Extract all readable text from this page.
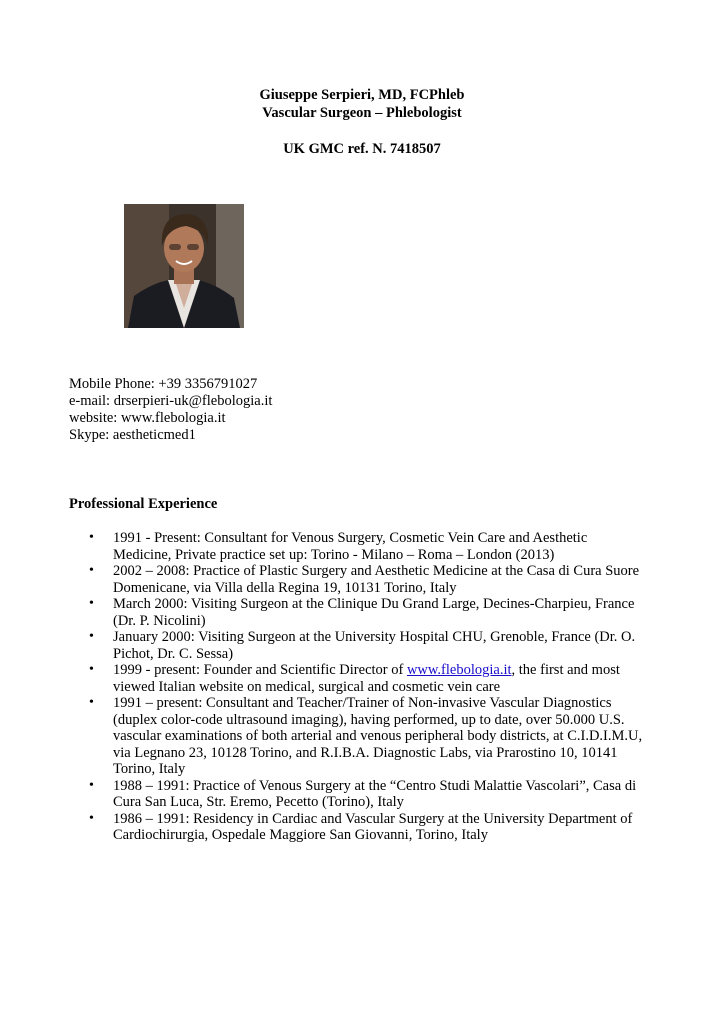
Giuseppe Serpieri, MD, FCPhleb
Vascular Surgeon – Phlebologist
UK GMC ref. N. 7418507
Mobile Phone: +39 3356791027
e-mail: drserpieri-uk@flebologia.it
website: www.flebologia.it
Skype: aestheticmed1
Professional Experience
• 1991 - Present: Consultant for Venous Surgery, Cosmetic Vein Care and Aesthetic
Medicine, Private practice set up: Torino - Milano – Roma – London (2013)
• 2002 – 2008: Practice of Plastic Surgery and Aesthetic Medicine at the Casa di Cura Suore
Domenicane, via Villa della Regina 19, 10131 Torino, Italy
• March 2000: Visiting Surgeon at the Clinique Du Grand Large, Decines-Charpieu, France
(Dr. P. Nicolini)
• January 2000: Visiting Surgeon at the University Hospital CHU, Grenoble, France (Dr. O.
Pichot, Dr. C. Sessa)
• 1999 - present: Founder and Scientific Director of www.flebologia.it, the first and most
viewed Italian website on medical, surgical and cosmetic vein care
• 1991 – present: Consultant and Teacher/Trainer of Non-invasive Vascular Diagnostics
(duplex color-code ultrasound imaging), having performed, up to date, over 50.000 U.S.
vascular examinations of both arterial and venous peripheral body districts, at C.I.D.I.M.U,
via Legnano 23, 10128 Torino, and R.I.B.A. Diagnostic Labs, via Prarostino 10, 10141
Torino, Italy
• 1988 – 1991: Practice of Venous Surgery at the “Centro Studi Malattie Vascolari”, Casa di
Cura San Luca, Str. Eremo, Pecetto (Torino), Italy
• 1986 – 1991: Residency in Cardiac and Vascular Surgery at the University Department of
Cardiochirurgia, Ospedale Maggiore San Giovanni, Torino, Italy
